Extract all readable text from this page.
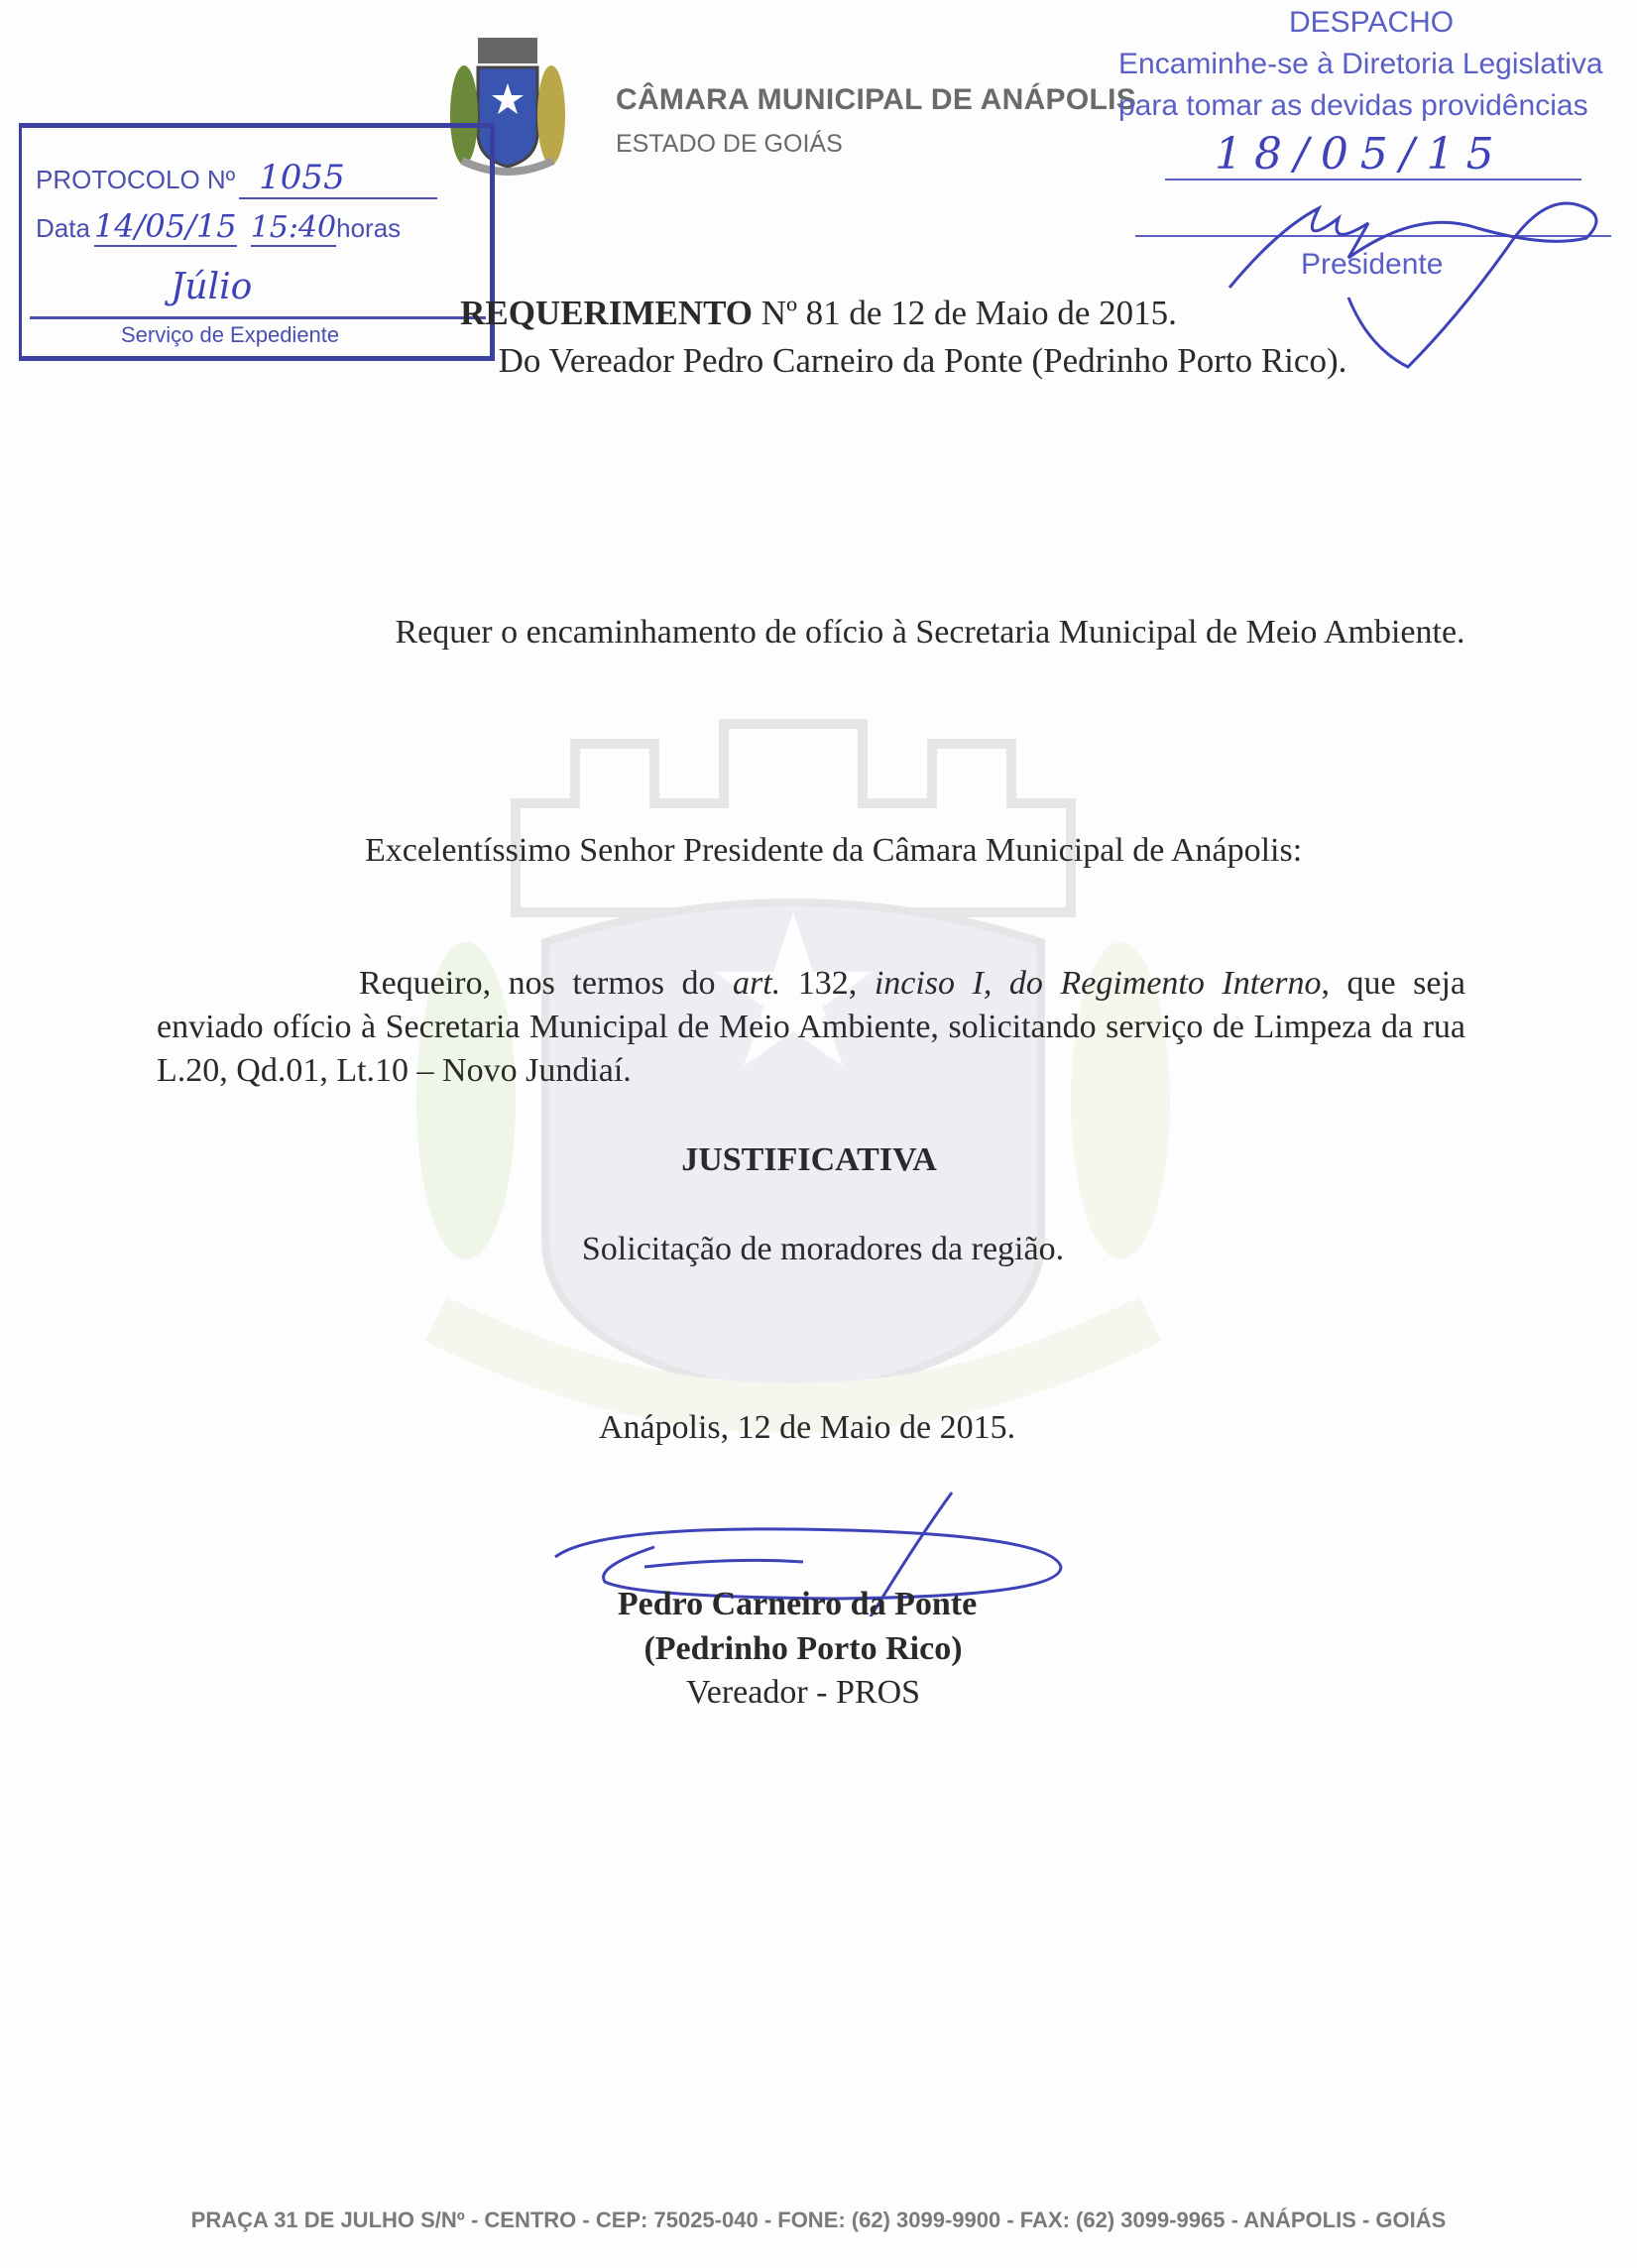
CÂMARA MUNICIPAL DE ANÁPOLIS
ESTADO DE GOIÁS
PROTOCOLO Nº 1055
Data 14/05/15 15:40horas
Júlio
Serviço de Expediente
DESPACHO
Encaminhe-se à Diretoria Legislativa
para tomar as devidas providências
18/05/15
Presidente
REQUERIMENTO Nº 81 de 12 de Maio de 2015.
Do Vereador Pedro Carneiro da Ponte (Pedrinho Porto Rico).
Requer o encaminhamento de ofício à Secretaria Municipal de Meio Ambiente.
Excelentíssimo Senhor Presidente da Câmara Municipal de Anápolis:
Requeiro, nos termos do art. 132, inciso I, do Regimento Interno, que seja enviado ofício à Secretaria Municipal de Meio Ambiente, solicitando serviço de Limpeza da rua L.20, Qd.01, Lt.10 – Novo Jundiaí.
JUSTIFICATIVA
Solicitação de moradores da região.
Anápolis, 12 de Maio de 2015.
Pedro Carneiro da Ponte
(Pedrinho Porto Rico)
Vereador - PROS
PRAÇA 31 DE JULHO S/Nº - CENTRO - CEP: 75025-040 - FONE: (62) 3099-9900 - FAX: (62) 3099-9965 - ANÁPOLIS - GOIÁS
